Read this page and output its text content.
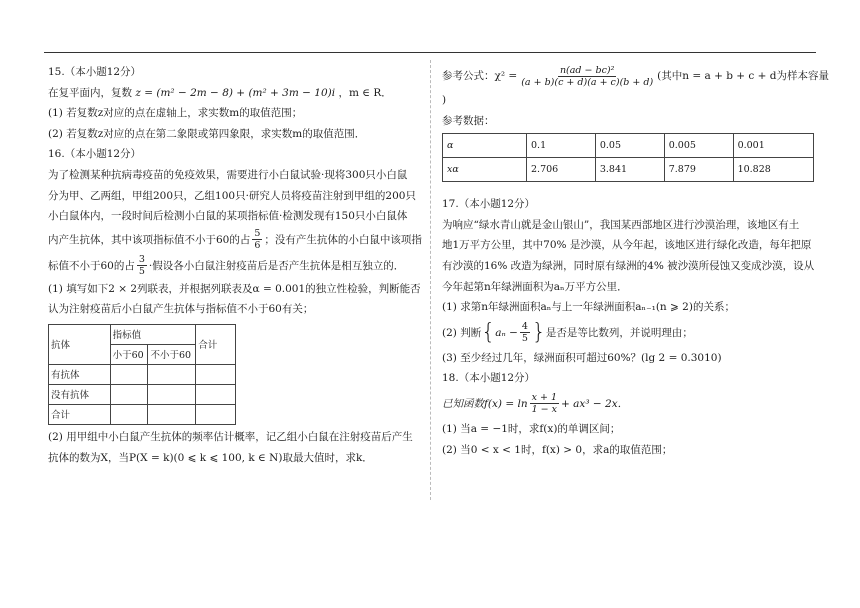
15.（本小题12分）

在复平面内，复数 z = (m² − 2m − 8) + (m² + 3m − 10)i ，m ∈ R．

(1) 若复数z对应的点在虚轴上，求实数m的取值范围；

(2) 若复数z对应的点在第二象限或第四象限，求实数m的取值范围．

16.（本小题12分）

为了检测某种抗病毒疫苗的免疫效果，需要进行小白鼠试验·现将300只小白鼠

分为甲、乙两组，甲组200只，乙组100只·研究人员将疫苗注射到甲组的200只

小白鼠体内，一段时间后检测小白鼠的某项指标值·检测发现有150只小白鼠体

内产生抗体，其中该项指标值不小于60的占 $\frac{5}{6}$ ；没有产生抗体的小白鼠中该项指

标值不小于60的占 $\frac{3}{5}$ ·假设各小白鼠注射疫苗后是否产生抗体是相互独立的．

(1) 填写如下2 × 2列联表，并根据列联表及α = 0.001的独立性检验，判断能否

认为注射疫苗后小白鼠产生抗体与指标值不小于60有关；

抗体	指标值		合计
	小于60	不小于60	
有抗体			
没有抗体			
合计			

(2) 用甲组中小白鼠产生抗体的频率估计概率，记乙组小白鼠在注射疫苗后产生

抗体的数为X，当P(X = k)(0 ⩽ k ⩽ 100, k ∈ N)取最大值时，求k．

参考公式：$\chi^2 = \frac{\text{n(ad − bc)²}}{(a + b)(c + d)(a + c)(b + d)}$ (其中n = a + b + c + d为样本容量

)

参考数据：

α	0.1	0.05	0.005	0.001
xα	2.706	3.841	7.879	10.828

17.（本小题12分）

为响应“绿水青山就是金山银山”，我国某西部地区进行沙漠治理，该地区有土

地1万平方公里，其中70% 是沙漠，从今年起，该地区进行绿化改造，每年把原

有沙漠的16% 改造为绿洲，同时原有绿洲的4% 被沙漠所侵蚀又变成沙漠，设从

今年起第n年绿洲面积为aₙ万平方公里．

(1) 求第n年绿洲面积aₙ与上一年绿洲面积aₙ₋₁(n ⩾ 2)的关系；

(2) 判断{$a_n - \frac{4}{5}$ }是否是等比数列，并说明理由；

(3) 至少经过几年，绿洲面积可超过60%？(lg 2 = 0.3010)

18.（本小题12分）

已知函数$f(x) = \ln \frac{x + 1}{1 - x} + ax^3 - 2x$．

(1) 当a = −1时，求f(x)的单调区间；

(2) 当0 < x < 1时，f(x) > 0，求a的取值范围；
